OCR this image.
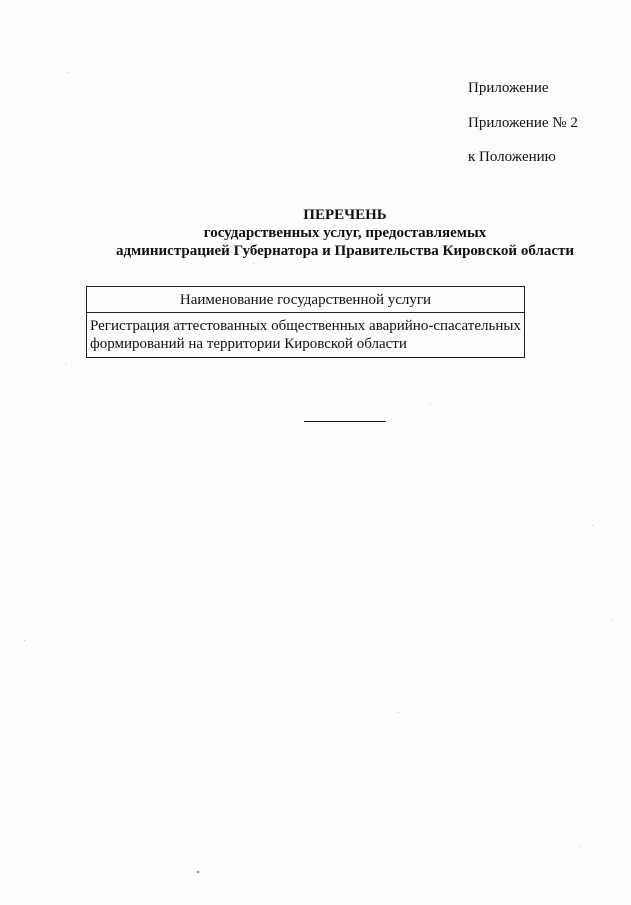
Приложение
Приложение № 2
к Положению
ПЕРЕЧЕНЬ
государственных услуг, предоставляемых
администрацией Губернатора и Правительства Кировской области
Наименование государственной услуги
Регистрация аттестованных общественных аварийно-спасательных формирований на территории Кировской области
